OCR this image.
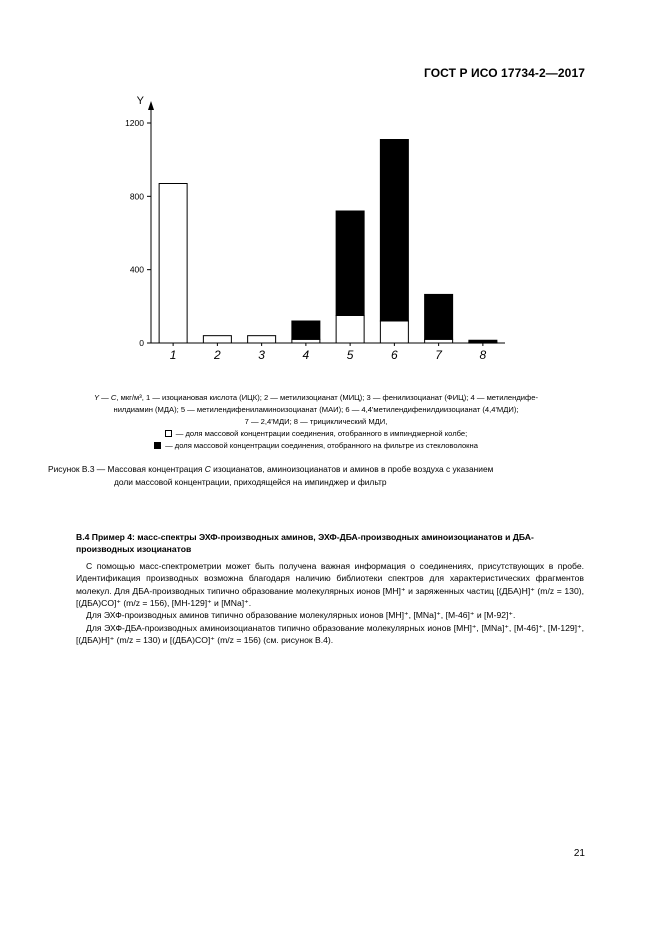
ГОСТ Р ИСО 17734-2—2017
Y
0
400
800
1200
1	2	3	4	5	6	7	8
Y — C, мкг/м³, 1 — изоциановая кислота (ИЦК); 2 — метилизоцианат (МИЦ); 3 — фенилизоцианат (ФИЦ); 4 — метилендифе-
нилдиамин (МДА); 5 — метилендифениламиноизоцианат (МАИ); 6 — 4,4'метилендифенилдиизоцианат (4,4'МДИ);
7 — 2,4'МДИ; 8 — трициклический МДИ,
— доля массовой концентрации соединения, отобранного в импинджерной колбе;
— доля массовой концентрации соединения, отобранного на фильтре из стекловолокна
Рисунок В.3 — Массовая концентрация C изоцианатов, аминоизоцианатов и аминов в пробе воздуха с указанием
доли массовой концентрации, приходящейся на импинджер и фильтр
В.4 Пример 4: масс-спектры ЭХФ-производных аминов, ЭХФ-ДБА-производных аминоизоцианатов и ДБА-производных изоцианатов
С помощью масс-спектрометрии может быть получена важная информация о соединениях, присутствующих в пробе. Идентификация производных возможна благодаря наличию библиотеки спектров для характеристических фрагментов молекул. Для ДБА-производных типично образование молекулярных ионов [MH]⁺ и заряженных частиц [(ДБА)H]⁺ (m/z = 130), [(ДБА)CO]⁺ (m/z = 156), [MH-129]⁺ и [MNa]⁺.
Для ЭХФ-производных аминов типично образование молекулярных ионов [MH]⁺, [MNa]⁺, [M-46]⁺ и [M-92]⁺.
Для ЭХФ-ДБА-производных аминоизоцианатов типично образование молекулярных ионов [MH]⁺, [MNa]⁺, [M-46]⁺, [M-129]⁺, [(ДБА)H]⁺ (m/z = 130) и [(ДБА)CO]⁺ (m/z = 156) (см. рисунок В.4).
21
